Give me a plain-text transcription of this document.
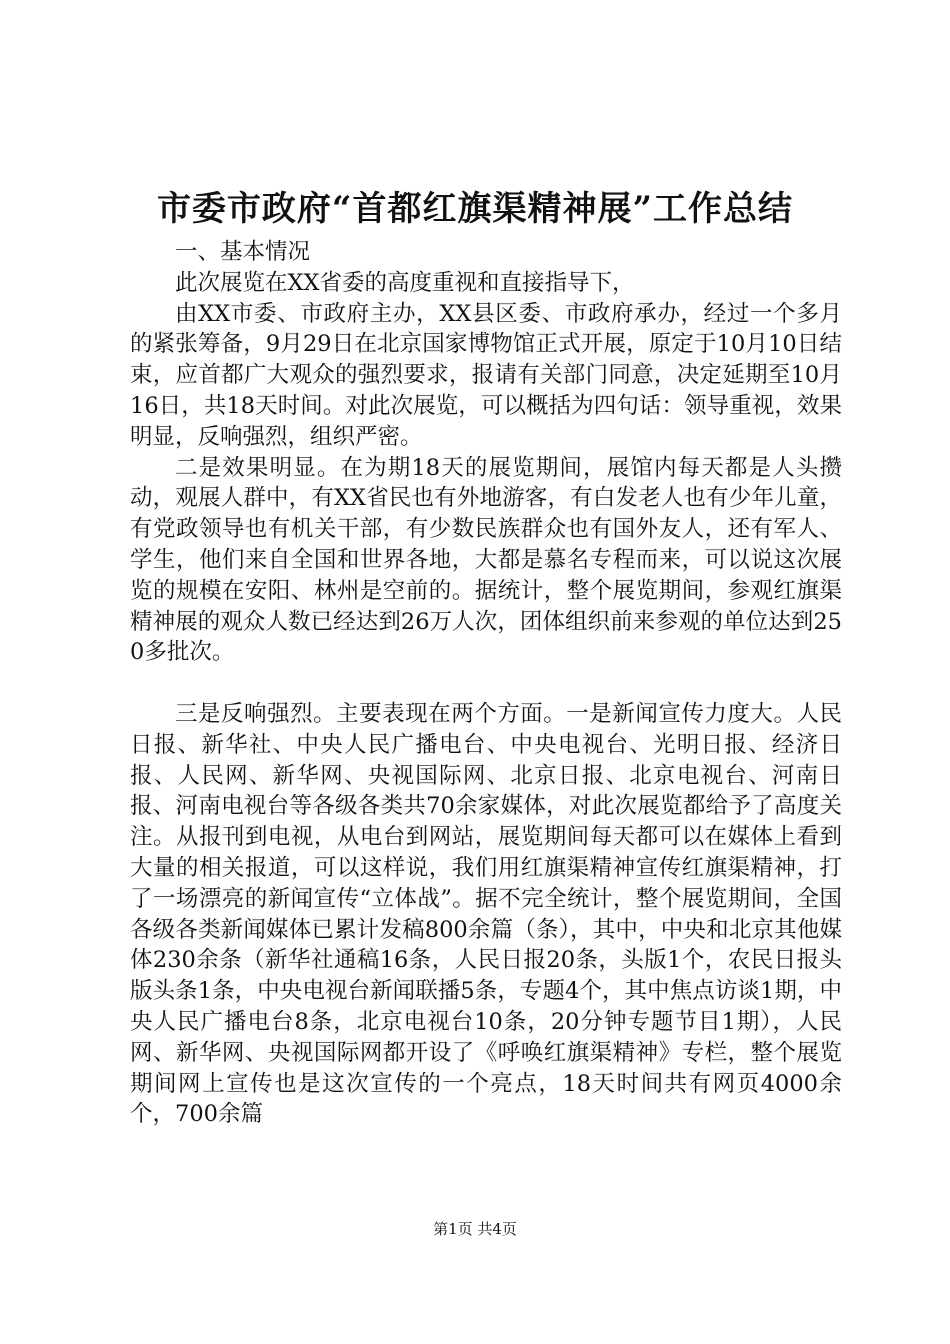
市委市政府“首都红旗渠精神展”工作总结

一、基本情况

此次展览在XX省委的高度重视和直接指导下，

由XX市委、市政府主办，XX县区委、市政府承办，经过一个多月的紧张筹备，9月29日在北京国家博物馆正式开展，原定于10月10日结束，应首都广大观众的强烈要求，报请有关部门同意，决定延期至10月16日，共18天时间。对此次展览，可以概括为四句话：领导重视，效果明显，反响强烈，组织严密。

二是效果明显。在为期18天的展览期间，展馆内每天都是人头攒动，观展人群中，有XX省民也有外地游客，有白发老人也有少年儿童，有党政领导也有机关干部，有少数民族群众也有国外友人，还有军人、学生，他们来自全国和世界各地，大都是慕名专程而来，可以说这次展览的规模在安阳、林州是空前的。据统计，整个展览期间，参观红旗渠精神展的观众人数已经达到26万人次，团体组织前来参观的单位达到250多批次。

三是反响强烈。主要表现在两个方面。一是新闻宣传力度大。人民日报、新华社、中央人民广播电台、中央电视台、光明日报、经济日报、人民网、新华网、央视国际网、北京日报、北京电视台、河南日报、河南电视台等各级各类共70余家媒体，对此次展览都给予了高度关注。从报刊到电视，从电台到网站，展览期间每天都可以在媒体上看到大量的相关报道，可以这样说，我们用红旗渠精神宣传红旗渠精神，打了一场漂亮的新闻宣传“立体战”。据不完全统计，整个展览期间，全国各级各类新闻媒体已累计发稿800余篇（条），其中，中央和北京其他媒体230余条（新华社通稿16条，人民日报20条，头版1个，农民日报头版头条1条，中央电视台新闻联播5条，专题4个，其中焦点访谈1期，中央人民广播电台8条，北京电视台10条，20分钟专题节目1期），人民网、新华网、央视国际网都开设了《呼唤红旗渠精神》专栏，整个展览期间网上宣传也是这次宣传的一个亮点，18天时间共有网页4000余个，700余篇

第1页 共4页
